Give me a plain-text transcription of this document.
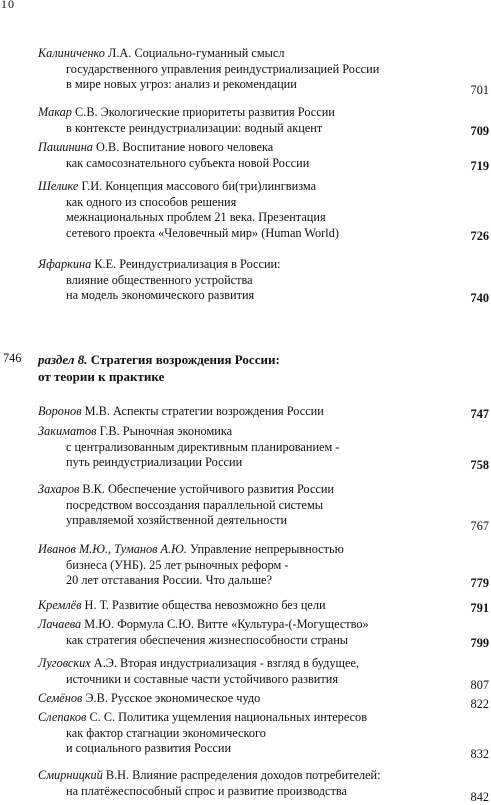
10
Калиниченко Л.А. Социально-гуманный смысл
государственного управления реиндустриализацией России
в мире новых угроз: анализ и рекомендации	701
Макар С.В. Экологические приоритеты развития России
в контексте реиндустриализации: водный акцент	709
Пашинина О.В. Воспитание нового человека
как самосознательного субъекта новой России	719
Шелике Г.И. Концепция массового би(три)лингвизма
как одного из способов решения
межнациональных проблем 21 века. Презентация
сетевого проекта «Человечный мир» (Human World)	726
Яфаркина К.Е. Реиндустриализация в России:
влияние общественного устройства
на модель экономического развития	740
746 раздел 8. Стратегия возрождения России:
от теории к практике
Воронов М.В. Аспекты стратегии возрождения России	747
Закиматов Г.В. Рыночная экономика
с централизованным директивным планированием -
путь реиндустриализации России	758
Захаров В.К. Обеспечение устойчивого развития России
посредством воссоздания параллельной системы
управляемой хозяйственной деятельности	767
Иванов М.Ю., Туманов А.Ю. Управление непрерывностью
бизнеса (УНБ). 25 лет рыночных реформ -
20 лет отставания России. Что дальше?	779
Кремлёв Н. Т. Развитие общества невозможно без цели	791
Лачаева М.Ю. Формула С.Ю. Витте «Культура-(-Могущество»
как стратегия обеспечения жизнеспособности страны	799
Луговских А.Э. Вторая индустриализация - взгляд в будущее,
источники и составные части устойчивого развития	807
Семёнов Э.В. Русское экономическое чудо	822
Слепаков С. С. Политика ущемления национальных интересов
как фактор стагнации экономического
и социального развития России	832
Смирницкий В.Н. Влияние распределения доходов потребителей:
на платёжеспособный спрос и развитие производства	842
